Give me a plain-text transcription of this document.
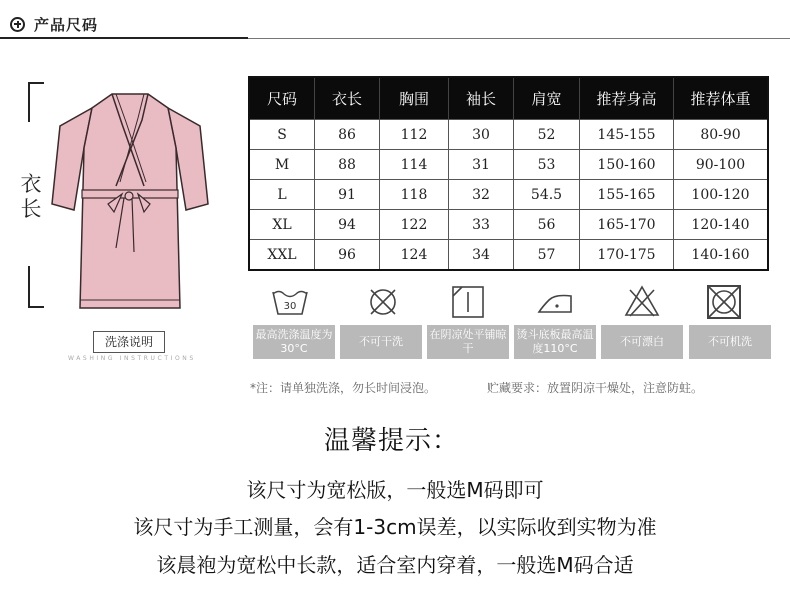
产品尺码
衣长
洗涤说明
WASHING INSTRUCTIONS
尺码	衣长	胸围	袖长	肩宽	推荐身高	推荐体重
S	86	112	30	52	145-155	80-90
M	88	114	31	53	150-160	90-100
L	91	118	32	54.5	155-165	100-120
XL	94	122	33	56	165-170	120-140
XXL	96	124	34	57	170-175	140-160
30
最高洗涤温度为30°C
不可干洗
在阴凉处平铺晾干
烫斗底板最高温度110°C
不可漂白	不可机洗
*注：请单独洗涤，勿长时间浸泡。	贮藏要求：放置阴凉干燥处，注意防蛀。
温馨提示：
该尺寸为宽松版，一般选M码即可
该尺寸为手工测量，会有1-3cm误差，以实际收到实物为准
该晨袍为宽松中长款，适合室内穿着，一般选M码合适
